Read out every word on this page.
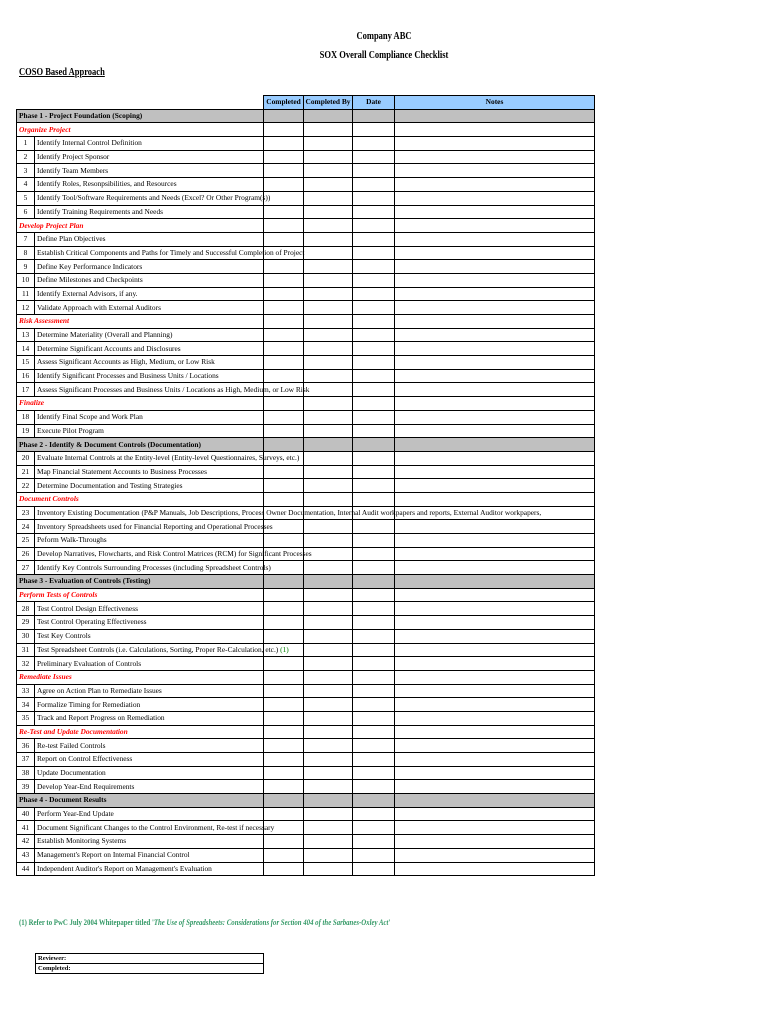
Company ABC
SOX Overall Compliance Checklist
COSO Based Approach
		Completed	Completed By	Date	Notes
Phase 1 - Project Foundation (Scoping)					
Organize Project					
1	Identify Internal Control Definition				
2	Identify Project Sponsor				
3	Identify Team Members				
4	Identify Roles, Resonpsibilities, and Resources				
5	Identify Tool/Software Requirements and Needs (Excel? Or Other Program(s))				
6	Identify Training Requirements and Needs				
Develop Project Plan					
7	Define Plan Objectives				
8	Establish Critical Components and Paths for Timely and Successful Completion of Project				
9	Define Key Performance Indicators				
10	Define Milestones and Checkpoints				
11	Identify External Advisors, if any.				
12	Validate Approach with External Auditors				
Risk Assessment					
13	Determine Materiality (Overall and Planning)				
14	Determine Significant Accounts and Disclosures				
15	Assess Significant Accounts as High, Medium, or Low Risk				
16	Identify Significant Processes and Business Units / Locations				
17	Assess Significant Processes and Business Units / Locations as High, Medium, or Low Risk				
Finalize					
18	Identify Final Scope and Work Plan				
19	Execute Pilot Program				
Phase 2 - Identify & Document Controls (Documentation)					
20	Evaluate Internal Controls at the Entity-level (Entity-level Questionnaires, Surveys, etc.)				
21	Map Financial Statement Accounts to Business Processes				
22	Determine Documentation and Testing Strategies				
Document Controls					
23	Inventory Existing Documentation (P&P Manuals, Job Descriptions, Process Owner Documentation, Internal Audit workpapers and reports, External Auditor workpapers,				
24	Inventory Spreadsheets used for Financial Reporting and Operational Processes				
25	Peform Walk-Throughs				
26	Develop Narratives, Flowcharts, and Risk Control Matrices (RCM) for Significant Processes				
27	Identify Key Controls Surrounding Processes (including Spreadsheet Controls)				
Phase 3 - Evaluation of Controls (Testing)					
Perform Tests of Controls					
28	Test Control Design Effectiveness				
29	Test Control Operating Effectiveness				
30	Test Key Controls				
31	Test Spreadsheet Controls (i.e. Calculations, Sorting, Proper Re-Calculation, etc.) (1)				
32	Preliminary Evaluation of Controls				
Remediate Issues					
33	Agree on Action Plan to Remediate Issues				
34	Formalize Timing for Remediation				
35	Track and Report Progress on Remediation				
Re-Test and Update Documentation					
36	Re-test Failed Controls				
37	Report on Control Effectiveness				
38	Update Documentation				
39	Develop Year-End Requirements				
Phase 4 - Document Results					
40	Perform Year-End Update				
41	Document Significant Changes to the Control Environment, Re-test if necessary				
42	Establish Monitoring Systems				
43	Management's Report on Internal Financial Control				
44	Independent Auditor's Report on Management's Evaluation				
(1) Refer to PwC July 2004 Whitepaper titled 'The Use of Spreadsheets: Considerations for Section 404 of the Sarbanes-Oxley Act'
Reviewer:
Completed:
